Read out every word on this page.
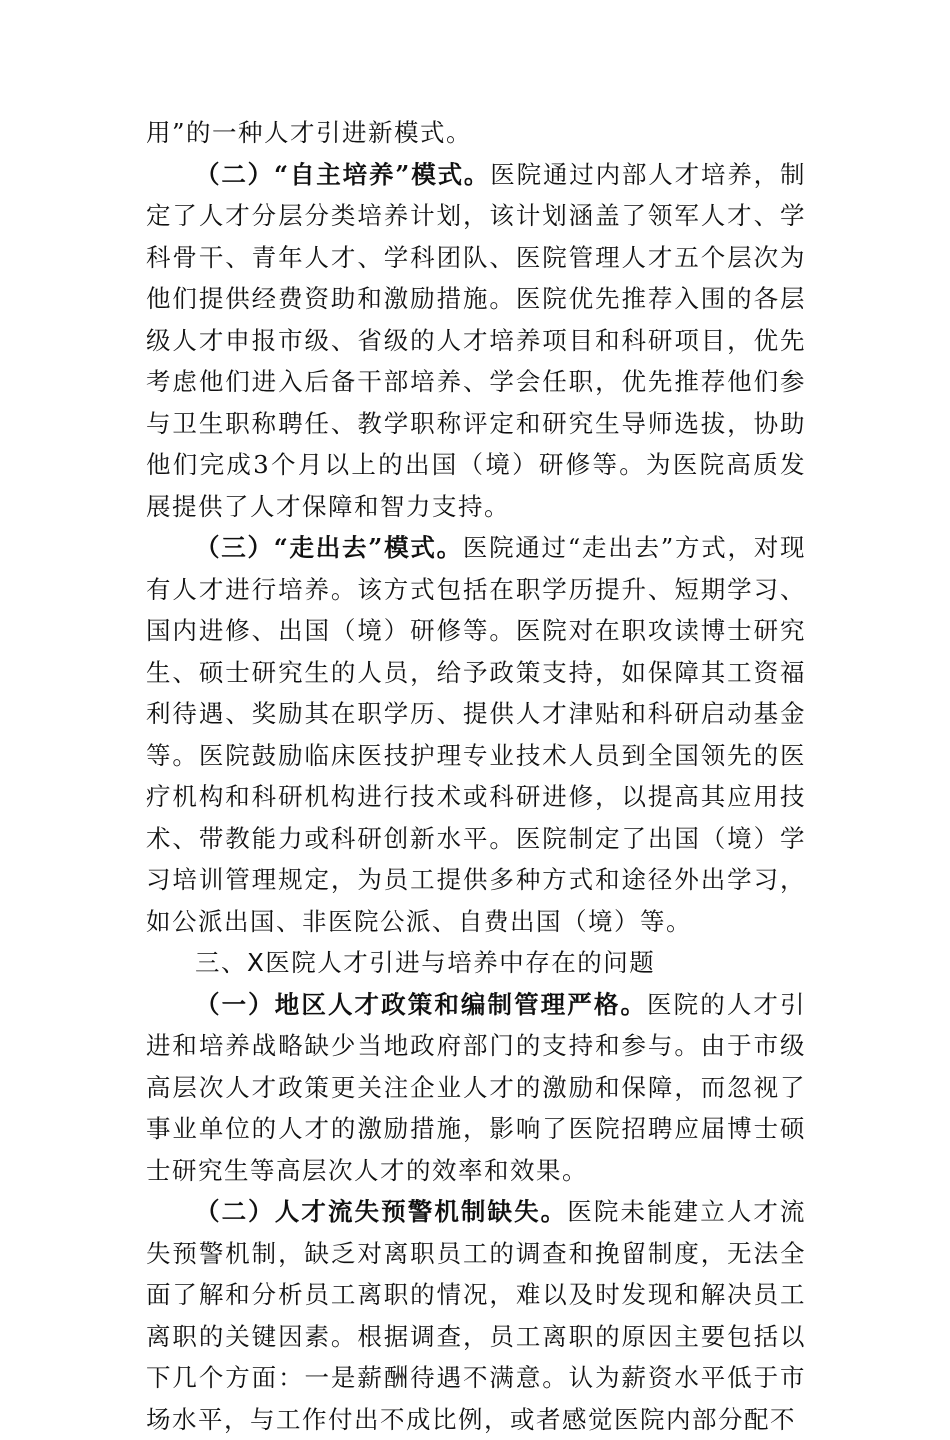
用”的一种人才引进新模式。

（二）“自主培养”模式。医院通过内部人才培养，制定了人才分层分类培养计划，该计划涵盖了领军人才、学科骨干、青年人才、学科团队、医院管理人才五个层次为他们提供经费资助和激励措施。医院优先推荐入围的各层级人才申报市级、省级的人才培养项目和科研项目，优先考虑他们进入后备干部培养、学会任职，优先推荐他们参与卫生职称聘任、教学职称评定和研究生导师选拔，协助他们完成3个月以上的出国（境）研修等。为医院高质发展提供了人才保障和智力支持。

（三）“走出去”模式。医院通过“走出去”方式，对现有人才进行培养。该方式包括在职学历提升、短期学习、国内进修、出国（境）研修等。医院对在职攻读博士研究生、硕士研究生的人员，给予政策支持，如保障其工资福利待遇、奖励其在职学历、提供人才津贴和科研启动基金等。医院鼓励临床医技护理专业技术人员到全国领先的医疗机构和科研机构进行技术或科研进修，以提高其应用技术、带教能力或科研创新水平。医院制定了出国（境）学习培训管理规定，为员工提供多种方式和途径外出学习，如公派出国、非医院公派、自费出国（境）等。

三、X医院人才引进与培养中存在的问题

（一）地区人才政策和编制管理严格。医院的人才引进和培养战略缺少当地政府部门的支持和参与。由于市级高层次人才政策更关注企业人才的激励和保障，而忽视了事业单位的人才的激励措施，影响了医院招聘应届博士硕士研究生等高层次人才的效率和效果。

（二）人才流失预警机制缺失。医院未能建立人才流失预警机制，缺乏对离职员工的调查和挽留制度，无法全面了解和分析员工离职的情况，难以及时发现和解决员工离职的关键因素。根据调查，员工离职的原因主要包括以下几个方面：一是薪酬待遇不满意。认为薪资水平低于市场水平，与工作付出不成比例，或者感觉医院内部分配不
